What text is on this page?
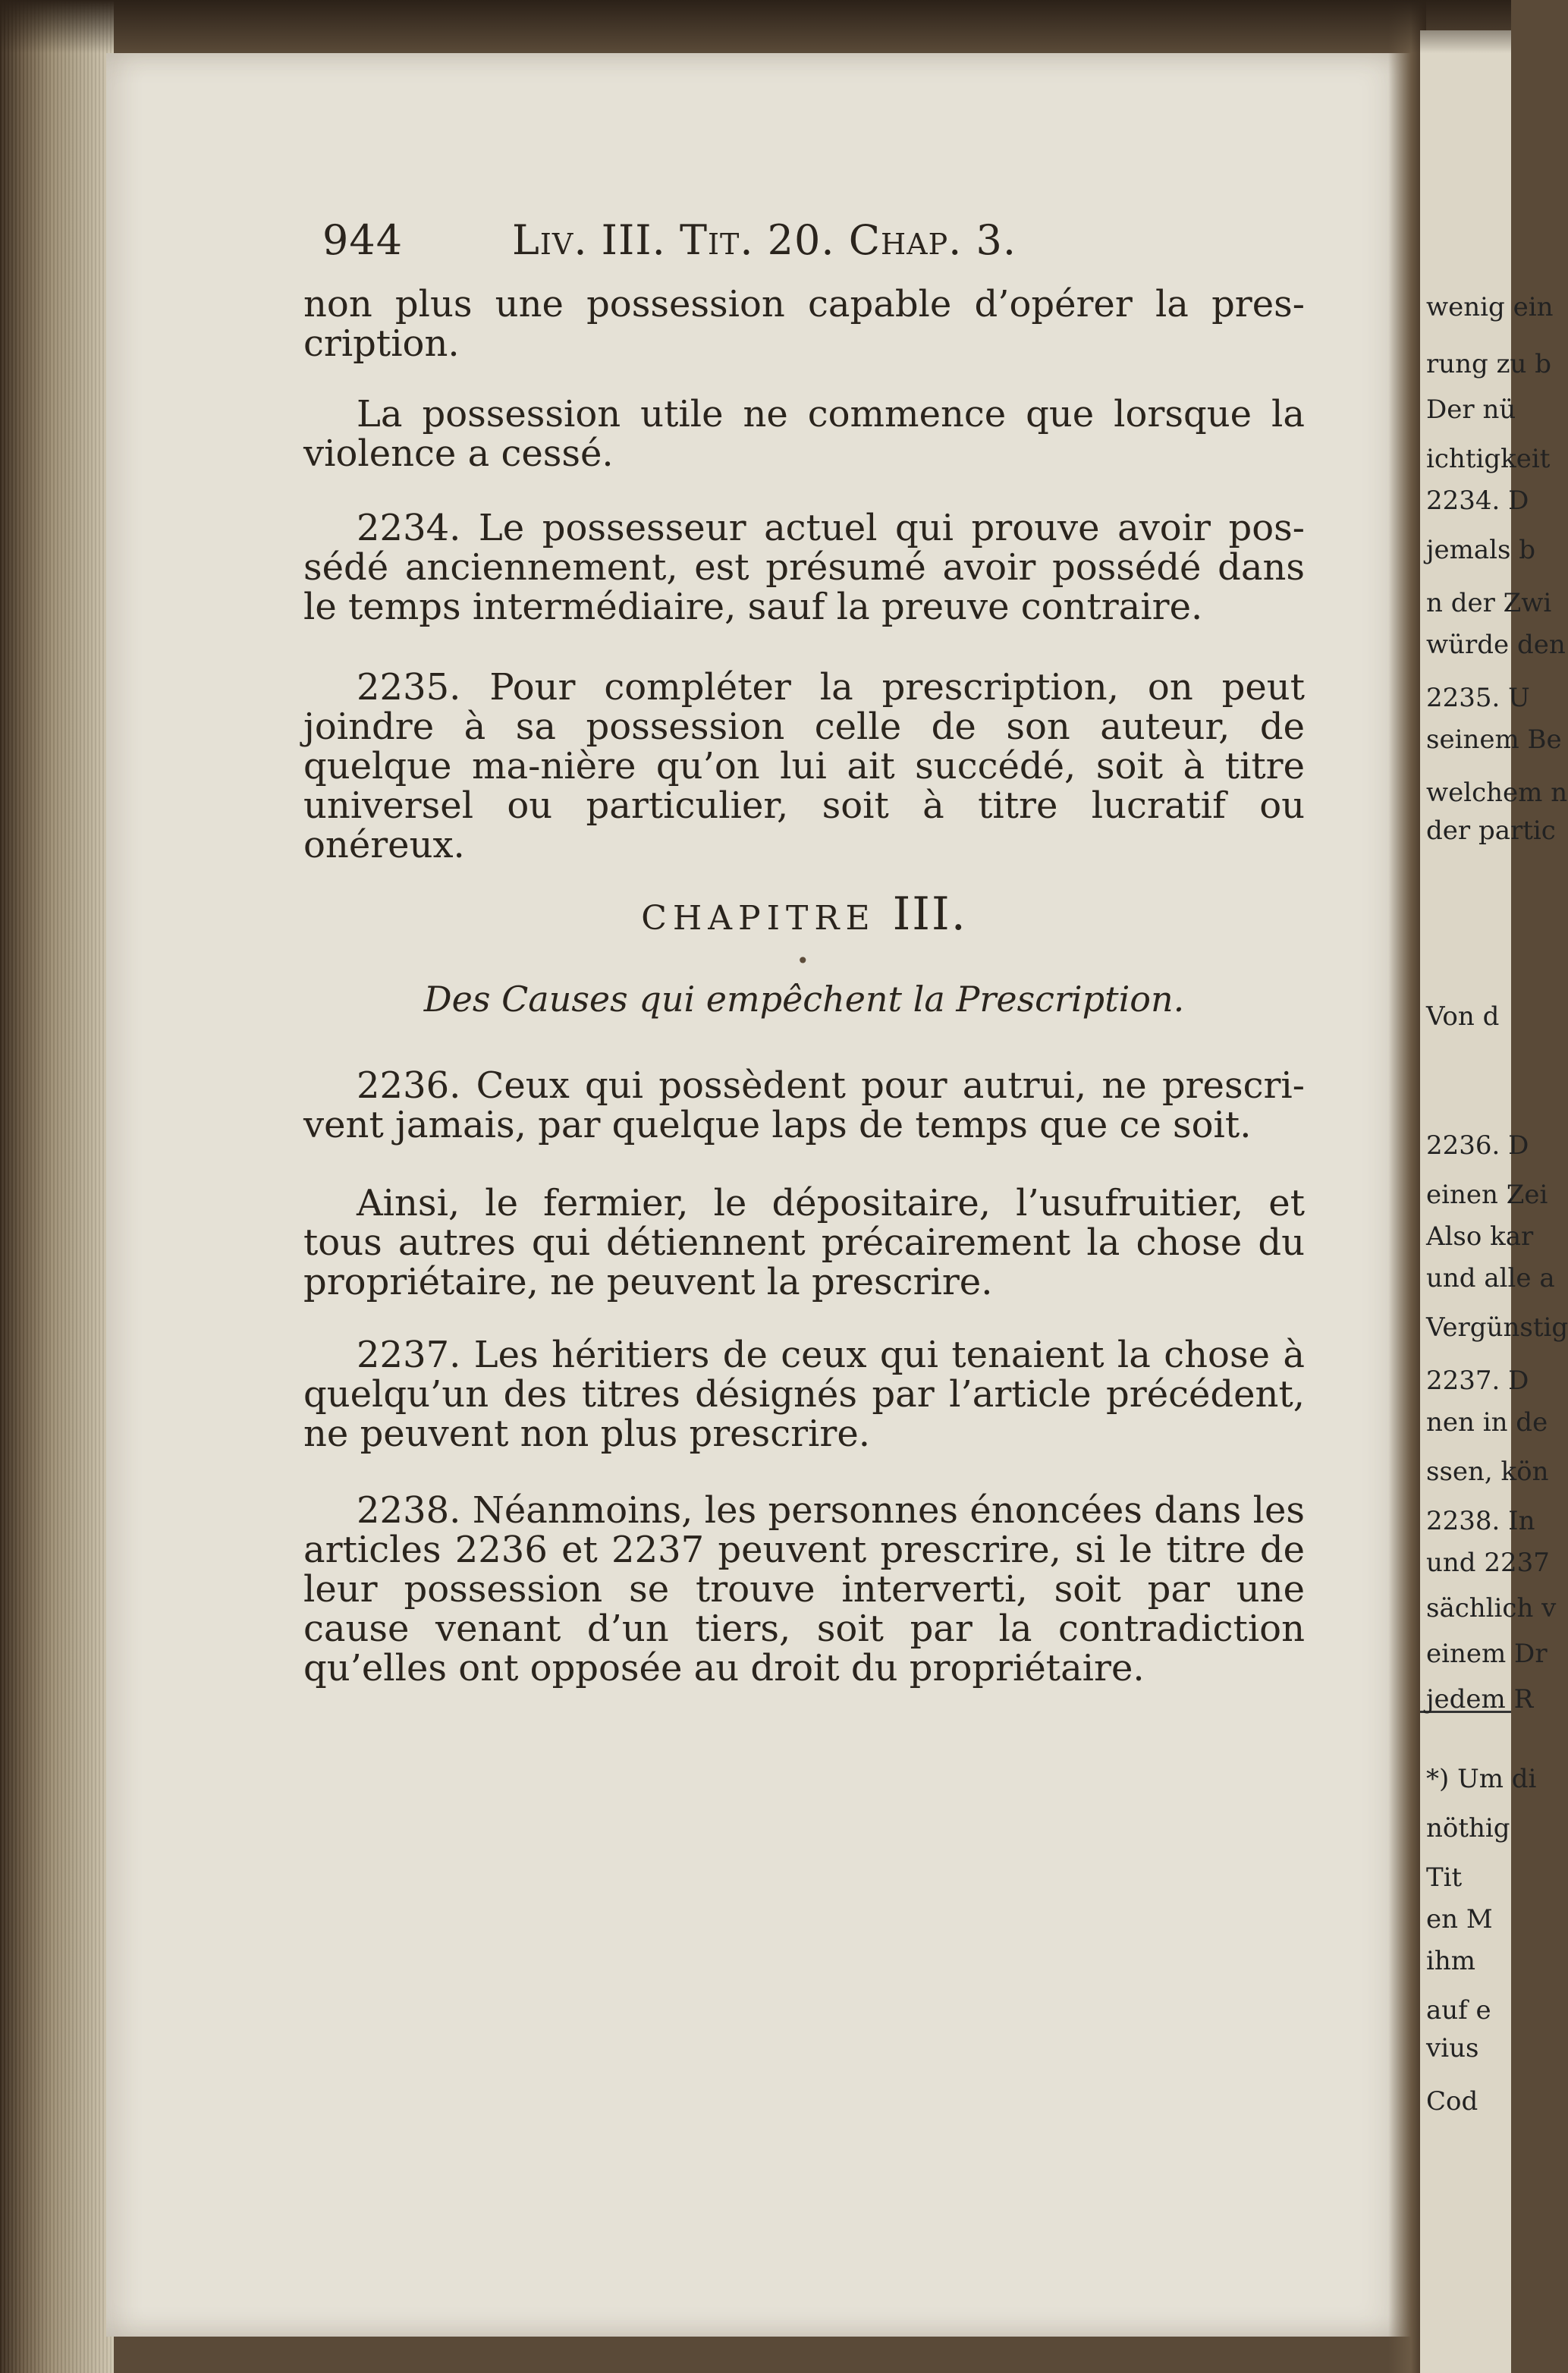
wenig ein
rung zu b
Der nü
ichtigkeit
2234. D
jemals b
n der Zwi
würde den
2235. U
seinem Be
welchem n
der partic
Von d
2236. D
einen Zei
Also kar
und alle a
Vergünstig
2237. D
nen in de
ssen, kön
2238. In
und 2237
sächlich v
einem Dr
jedem R
*) Um di
nöthig
Tit
en M
ihm
auf e
vius
Cod
944	Liv. III. Tit. 20. Chap. 3.
non plus une possession capable d’opérer la pres-cription.
La possession utile ne commence que lorsque la violence a cessé.
2234. Le possesseur actuel qui prouve avoir pos-sédé anciennement, est présumé avoir possédé dans le temps intermédiaire, sauf la preuve contraire.
2235. Pour compléter la prescription, on peut joindre à sa possession celle de son auteur, de quelque ma-nière qu’on lui ait succédé, soit à titre universel ou particulier, soit à titre lucratif ou onéreux.
CHAPITRE III.
•
Des Causes qui empêchent la Prescription.
2236. Ceux qui possèdent pour autrui, ne prescri-vent jamais, par quelque laps de temps que ce soit.
Ainsi, le fermier, le dépositaire, l’usufruitier, et tous autres qui détiennent précairement la chose du propriétaire, ne peuvent la prescrire.
2237. Les héritiers de ceux qui tenaient la chose à quelqu’un des titres désignés par l’article précédent, ne peuvent non plus prescrire.
2238. Néanmoins, les personnes énoncées dans les articles 2236 et 2237 peuvent prescrire, si le titre de leur possession se trouve interverti, soit par une cause venant d’un tiers, soit par la contradiction qu’elles ont opposée au droit du propriétaire.
